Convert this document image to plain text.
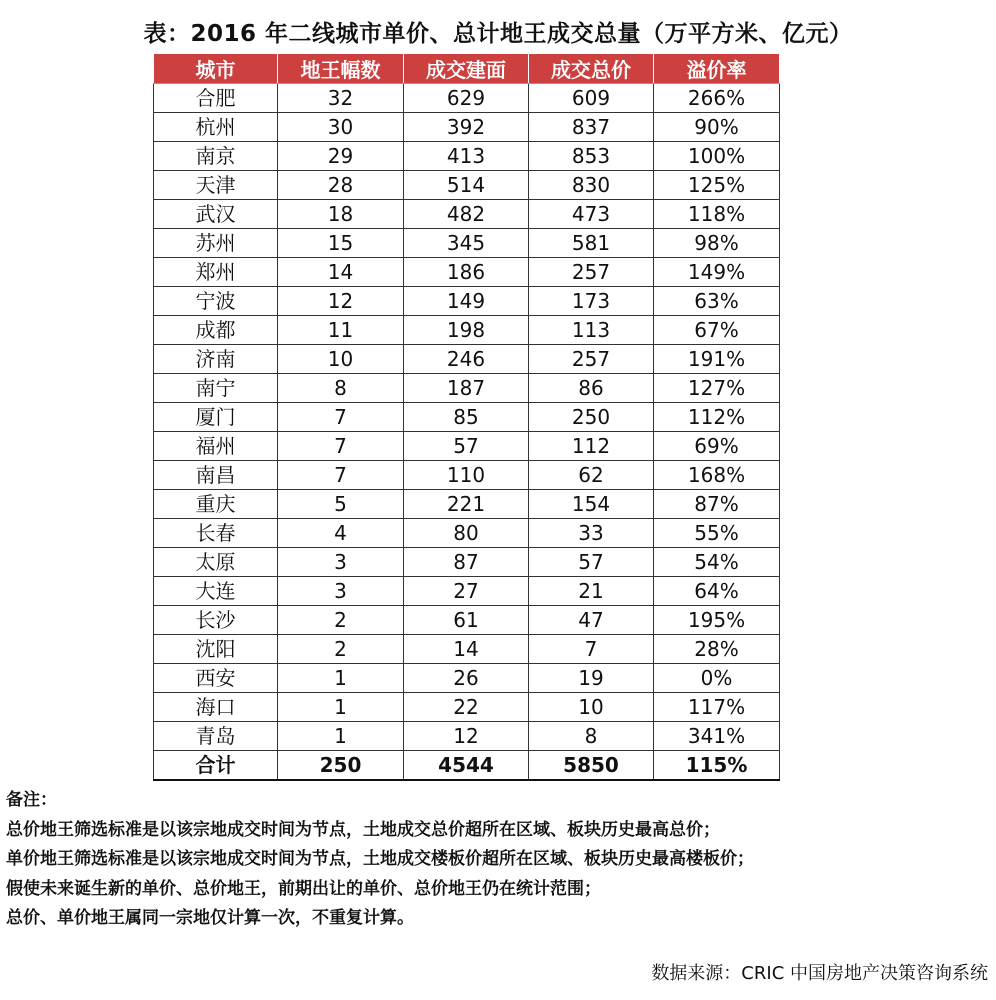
表：2016 年二线城市单价、总计地王成交总量（万平方米、亿元）
城市	地王幅数	成交建面	成交总价	溢价率
合肥	32	629	609	266%
杭州	30	392	837	90%
南京	29	413	853	100%
天津	28	514	830	125%
武汉	18	482	473	118%
苏州	15	345	581	98%
郑州	14	186	257	149%
宁波	12	149	173	63%
成都	11	198	113	67%
济南	10	246	257	191%
南宁	8	187	86	127%
厦门	7	85	250	112%
福州	7	57	112	69%
南昌	7	110	62	168%
重庆	5	221	154	87%
长春	4	80	33	55%
太原	3	87	57	54%
大连	3	27	21	64%
长沙	2	61	47	195%
沈阳	2	14	7	28%
西安	1	26	19	0%
海口	1	22	10	117%
青岛	1	12	8	341%
合计	250	4544	5850	115%
备注：
总价地王筛选标准是以该宗地成交时间为节点，土地成交总价超所在区域、板块历史最高总价；
单价地王筛选标准是以该宗地成交时间为节点，土地成交楼板价超所在区域、板块历史最高楼板价；
假使未来诞生新的单价、总价地王，前期出让的单价、总价地王仍在统计范围；
总价、单价地王属同一宗地仅计算一次，不重复计算。
数据来源：CRIC 中国房地产决策咨询系统
